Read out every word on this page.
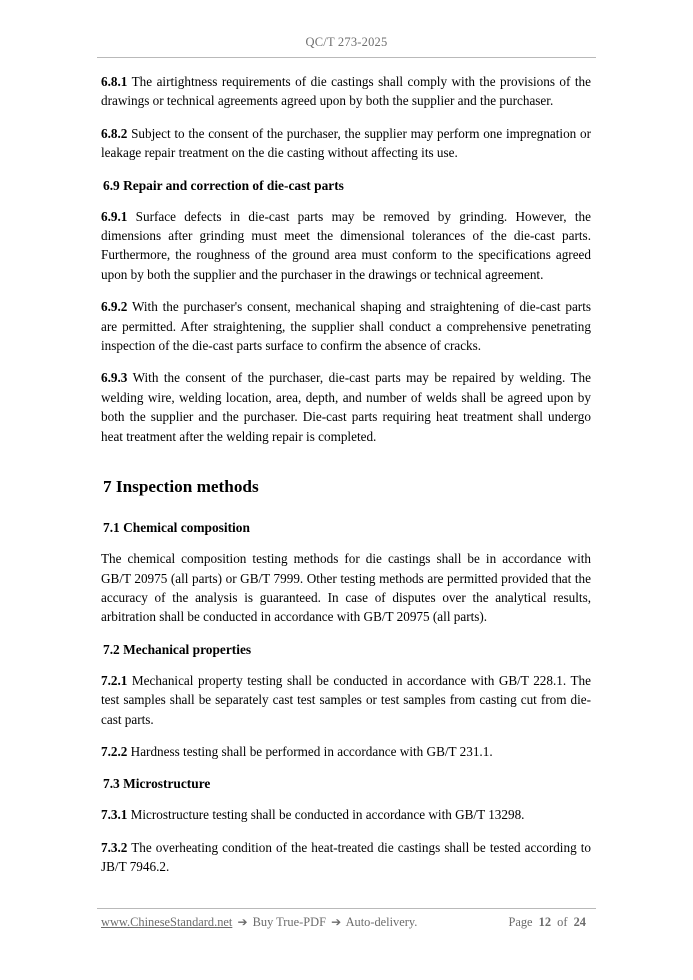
QC/T 273-2025

6.8.1 The airtightness requirements of die castings shall comply with the provisions of the drawings or technical agreements agreed upon by both the supplier and the purchaser.

6.8.2 Subject to the consent of the purchaser, the supplier may perform one impregnation or leakage repair treatment on the die casting without affecting its use.

6.9 Repair and correction of die-cast parts

6.9.1 Surface defects in die-cast parts may be removed by grinding. However, the dimensions after grinding must meet the dimensional tolerances of the die-cast parts. Furthermore, the roughness of the ground area must conform to the specifications agreed upon by both the supplier and the purchaser in the drawings or technical agreement.

6.9.2 With the purchaser's consent, mechanical shaping and straightening of die-cast parts are permitted. After straightening, the supplier shall conduct a comprehensive penetrating inspection of the die-cast parts surface to confirm the absence of cracks.

6.9.3 With the consent of the purchaser, die-cast parts may be repaired by welding. The welding wire, welding location, area, depth, and number of welds shall be agreed upon by both the supplier and the purchaser. Die-cast parts requiring heat treatment shall undergo heat treatment after the welding repair is completed.

7 Inspection methods
7.1 Chemical composition

The chemical composition testing methods for die castings shall be in accordance with GB/T 20975 (all parts) or GB/T 7999. Other testing methods are permitted provided that the accuracy of the analysis is guaranteed. In case of disputes over the analytical results, arbitration shall be conducted in accordance with GB/T 20975 (all parts).

7.2 Mechanical properties

7.2.1 Mechanical property testing shall be conducted in accordance with GB/T 228.1. The test samples shall be separately cast test samples or test samples from casting cut from die-cast parts.

7.2.2 Hardness testing shall be performed in accordance with GB/T 231.1.

7.3 Microstructure

7.3.1 Microstructure testing shall be conducted in accordance with GB/T 13298.

7.3.2 The overheating condition of the heat-treated die castings shall be tested according to JB/T 7946.2.

www.ChineseStandard.net ➔ Buy True-PDF ➔ Auto-delivery.	Page 12 of 24
